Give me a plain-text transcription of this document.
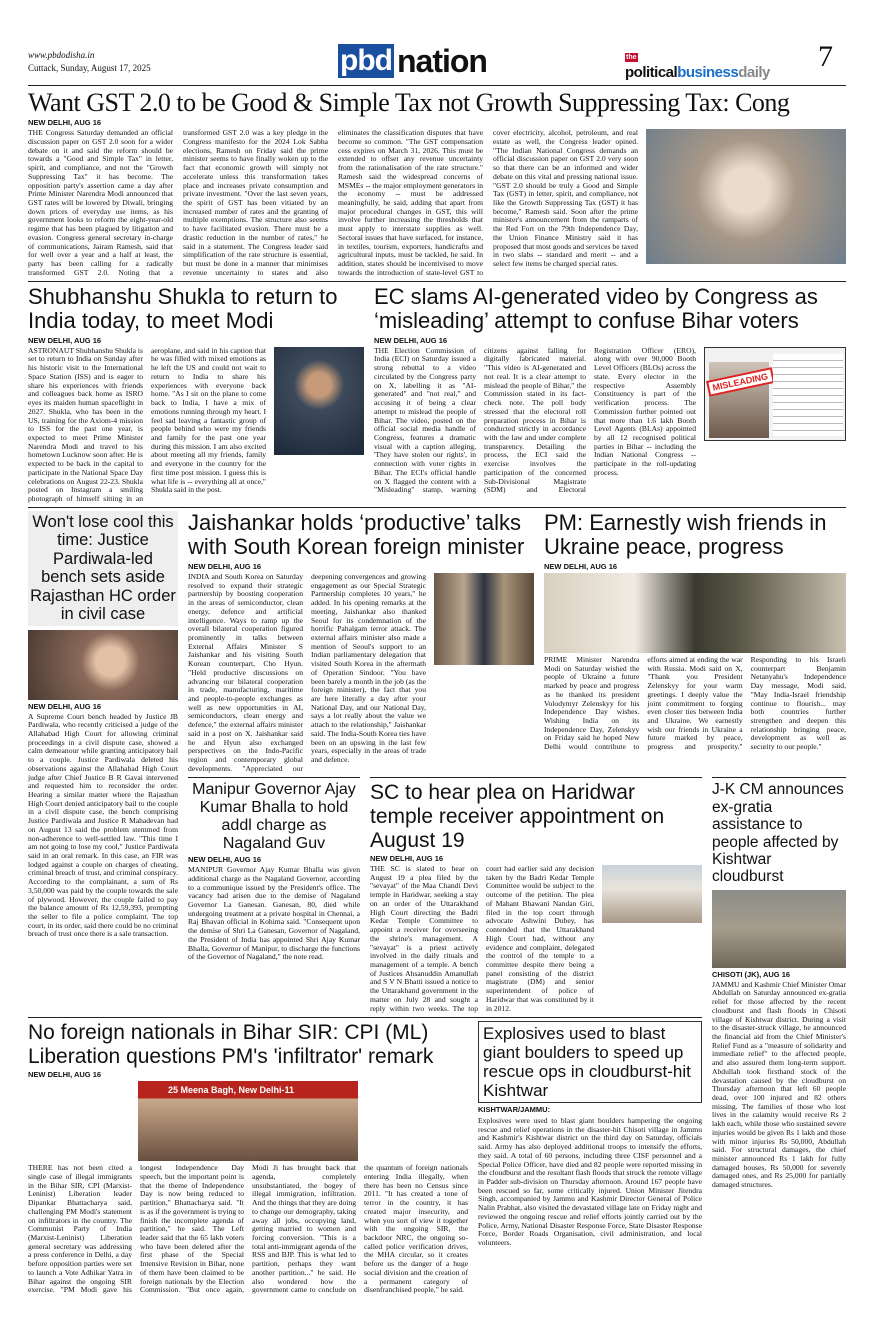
www.pbdodisha.in
Cuttack, Sunday, August 17, 2025	pbd nation	the
politicalbusinessdaily 7
Want GST 2.0 to be Good & Simple Tax not Growth Suppressing Tax: Cong
NEW DELHI, AUG 16
THE Congress Saturday demanded an official discussion paper on GST 2.0 soon for a wider debate on it and said the reform should be towards a "Good and Simple Tax" in letter, spirit, and compliance, and not the "Growth Suppressing Tax" it has become. The opposition party's assertion came a day after Prime Minister Narendra Modi announced that GST rates will be lowered by Diwali, bringing down prices of everyday use items, as his government looks to reform the eight-year-old regime that has been plagued by litigation and evasion. Congress general secretary in-charge of communications, Jairam Ramesh, said that for well over a year and a half at least, the party has been calling for a radically transformed GST 2.0. Noting that a transformed GST 2.0 was a key pledge in the Congress manifesto for the 2024 Lok Sabha elections, Ramesh on Friday said the prime minister seems to have finally woken up to the fact that economic growth will simply not accelerate unless this transformation takes place and increases private consumption and private investment. "Over the last seven years, the spirit of GST has been vitiated by an increased number of rates and the granting of multiple exemptions. The structure also seems to have facilitated evasion. There must be a drastic reduction in the number of rates," he said in a statement. The Congress leader said simplification of the rate structure is essential, but must be done in a manner that minimises revenue uncertainty to states and also eliminates the classification disputes that have become so common. "The GST compensation cess expires on March 31, 2026. This must be extended to offset any revenue uncertainty from the rationalisation of the rate structure." Ramesh said the widespread concerns of MSMEs -- the major employment generators in the economy -- must be addressed meaningfully, he said, adding that apart from major procedural changes in GST, this will involve further increasing the thresholds that must apply to interstate supplies as well. Sectoral issues that have surfaced, for instance, in textiles, tourism, exporters, handicrafts and agricultural inputs, must be tackled, he said. In addition, states should be incentivised to move towards the introduction of state-level GST to cover electricity, alcohol, petroleum, and real estate as well, the Congress leader opined. "The Indian National Congress demands an official discussion paper on GST 2.0 very soon so that there can be an informed and wider debate on this vital and pressing national issue. "GST 2.0 should be truly a Good and Simple Tax (GST) in letter, spirit, and compliance, not like the Growth Suppressing Tax (GST) it has become," Ramesh said. Soon after the prime minister's announcement from the ramparts of the Red Fort on the 79th Independence Day, the Union Finance Ministry said it has proposed that most goods and services be taxed in two slabs -- standard and merit -- and a select few items be charged special rates.
Shubhanshu Shukla to return to India today, to meet Modi
NEW DELHI, AUG 16
ASTRONAUT Shubhanshu Shukla is set to return to India on Sunday after his historic visit to the International Space Station (ISS) and is eager to share his experiences with friends and colleagues back home as ISRO eyes its maiden human spaceflight in 2027. Shukla, who has been in the US, training for the Axiom-4 mission to ISS for the past one year, is expected to meet Prime Minister Narendra Modi and travel to his hometown Lucknow soon after. He is expected to be back in the capital to participate in the National Space Day celebrations on August 22-23. Shukla posted on Instagram a smiling photograph of himself sitting in an aeroplane, and said in his caption that he was filled with mixed emotions as he left the US and could not wait to return to India to share his experiences with everyone back home. "As I sit on the plane to come back to India, I have a mix of emotions running through my heart. I feel sad leaving a fantastic group of people behind who were my friends and family for the past one year during this mission. I am also excited about meeting all my friends, family and everyone in the country for the first time post mission. I guess this is what life is -- everything all at once," Shukla said in the post.
EC slams AI-generated video by Congress as ‘misleading’ attempt to confuse Bihar voters
NEW DELHI, AUG 16
THE Election Commission of India (ECI) on Saturday issued a strong rebuttal to a video circulated by the Congress party on X, labelling it as "AI-generated" and "not real," and accusing it of being a clear attempt to mislead the people of Bihar. The video, posted on the official social media handle of Congress, features a dramatic visual with a caption alleging, 'They have stolen our rights', in connection with voter rights in Bihar. The ECI's official handle on X flagged the content with a "Misleading" stamp, warning citizens against falling for digitally fabricated material. "This video is AI-generated and not real. It is a clear attempt to mislead the people of Bihar," the Commission stated in its fact-check note. The poll body stressed that the electoral roll preparation process in Bihar is conducted strictly in accordance with the law and under complete transparency. Detailing the process, the ECI said the exercise involves the participation of the concerned Sub-Divisional Magistrate (SDM) and Electoral Registration Officer (ERO), along with over 90,000 Booth Level Officers (BLOs) across the state. Every elector in the respective Assembly Constituency is part of the verification process. The Commission further pointed out that more than 1.6 lakh Booth Level Agents (BLAs) appointed by all 12 recognised political parties in Bihar -- including the Indian National Congress -- participate in the roll-updating process.
MISLEADING
Won't lose cool this time: Justice Pardiwala-led bench sets aside Rajasthan HC order in civil case
NEW DELHI, AUG 16
A Supreme Court bench headed by Justice JB Pardiwala, who recently criticised a judge of the Allahabad High Court for allowing criminal proceedings in a civil dispute case, showed a calm demeanour while granting anticipatory bail to a couple. Justice Pardiwala deleted his observations against the Allahabad High Court judge after Chief Justice B R Gavai intervened and requested him to reconsider the order. Hearing a similar matter where the Rajasthan High Court denied anticipatory bail to the couple in a civil dispute case, the bench comprising Justice Pardiwala and Justice R Mahadevan had on August 13 said the problem stemmed from non-adherence to well-settled law. "This time I am not going to lose my cool," Justice Pardiwala said in an oral remark. In this case, an FIR was lodged against a couple on charges of cheating, criminal breach of trust, and criminal conspiracy. According to the complainant, a sum of Rs 3,50,000 was paid by the couple towards the sale of plywood. However, the couple failed to pay the balance amount of Rs 12,59,393, prompting the seller to file a police complaint. The top court, in its order, said there could be no criminal breach of trust once there is a sale transaction.
Jaishankar holds ‘productive’ talks with South Korean foreign minister
NEW DELHI, AUG 16
INDIA and South Korea on Saturday resolved to expand their strategic partnership by boosting cooperation in the areas of semiconductor, clean energy, defence and artificial intelligence. Ways to ramp up the overall bilateral cooperation figured prominently in talks between External Affairs Minister S Jaishankar and his visiting South Korean counterpart, Cho Hyun. "Held productive discussions on advancing our bilateral cooperation in trade, manufacturing, maritime and people-to-people exchanges as well as new opportunities in AI, semiconductors, clean energy and defence," the external affairs minister said in a post on X. Jaishankar said he and Hyun also exchanged perspectives on the Indo-Pacific region and contemporary global developments. "Appreciated our deepening convergences and growing engagement as our Special Strategic Partnership completes 10 years," he added. In his opening remarks at the meeting, Jaishankar also thanked Seoul for its condemnation of the horrific Pahalgam terror attack. The external affairs minister also made a mention of Seoul's support to an Indian parliamentary delegation that visited South Korea in the aftermath of Operation Sindoor. "You have been barely a month in the job (as the foreign minister), the fact that you are here literally a day after your National Day, and our National Day, says a lot really about the value we attach to the relationship," Jaishankar said. The India-South Korea ties have been on an upswing in the last few years, especially in the areas of trade and defence.
PM: Earnestly wish friends in Ukraine peace, progress
NEW DELHI, AUG 16
PRIME Minister Narendra Modi on Saturday wished the people of Ukraine a future marked by peace and progress as he thanked its president Volodymyr Zelenskyy for his Independence Day wishes. Wishing India on its Independence Day, Zelenskyy on Friday said he hoped New Delhi would contribute to efforts aimed at ending the war with Russia. Modi said on X, "Thank you President Zelenskyy for your warm greetings. I deeply value the joint commitment to forging even closer ties between India and Ukraine. We earnestly wish our friends in Ukraine a future marked by peace, progress and prosperity." Responding to his Israeli counterpart Benjamin Netanyahu's Independence Day message, Modi said, "May India-Israel friendship continue to flourish... may both countries further strengthen and deepen this relationship bringing peace, development as well as security to our people."
Manipur Governor Ajay Kumar Bhalla to hold addl charge as Nagaland Guv
NEW DELHI, AUG 16
MANIPUR Governor Ajay Kumar Bhalla was given additional charge as the Nagaland Governor, according to a communique issued by the President's office. The vacancy had arisen due to the demise of Nagaland Governor La Ganesan. Ganesan, 80, died while undergoing treatment at a private hospital in Chennai, a Raj Bhavan official in Kohima said. "Consequent upon the demise of Shri La Ganesan, Governor of Nagaland, the President of India has appointed Shri Ajay Kumar Bhalla, Governor of Manipur, to discharge the functions of the Governor of Nagaland," the note read.
SC to hear plea on Haridwar temple receiver appointment on August 19
NEW DELHI, AUG 16
THE SC is slated to hear on August 19 a plea filed by the "sevayat" of the Maa Chandi Devi temple in Haridwar, seeking a stay on an order of the Uttarakhand High Court directing the Badri Kedar Temple Committee to appoint a receiver for overseeing the shrine's management. A "sevayat" is a priest actively involved in the daily rituals and management of a temple. A bench of Justices Ahsanuddin Amanullah and S V N Bhatti issued a notice to the Uttarakhand government in the matter on July 28 and sought a reply within two weeks. The top court had earlier said any decision taken by the Badri Kedar Temple Committee would be subject to the outcome of the petition. The plea of Mahant Bhawani Nandan Giri, filed in the top court through advocate Ashwini Dubey, has contended that the Uttarakhand High Court had, without any evidence and complaint, delegated the control of the temple to a committee despite there being a panel consisting of the district magistrate (DM) and senior superintendent of police of Haridwar that was constituted by it in 2012.
J-K CM announces ex-gratia assistance to people affected by Kishtwar cloudburst
CHISOTI (JK), AUG 16
JAMMU and Kashmir Chief Minister Omar Abdullah on Saturday announced ex-gratia relief for those affected by the recent cloudburst and flash floods in Chisoti village of Kishtwar district. During a visit to the disaster-struck village, he announced the financial aid from the Chief Minister's Relief Fund as a "measure of solidarity and immediate relief" to the affected people, and also assured them long-term support. Abdullah took firsthand stock of the devastation caused by the cloudburst on Thursday afternoon that left 60 people dead, over 100 injured and 82 others missing. The families of those who lost lives in the calamity would receive Rs 2 lakh each, while those who sustained severe injuries would be given Rs 1 lakh and those with minor injuries Rs 50,000, Abdullah said. For structural damages, the chief minister announced Rs 1 lakh for fully damaged houses, Rs 50,000 for severely damaged ones, and Rs 25,000 for partially damaged structures.
No foreign nationals in Bihar SIR: CPI (ML) Liberation questions PM's 'infiltrator' remark
NEW DELHI, AUG 16
25 Meena Bagh, New Delhi-11
THERE has not been cited a single case of illegal immigrants in the Bihar SIR, CPI (Marxist-Leninist) Liberation leader Dipankar Bhattacharya said, challenging PM Modi's statement on infiltrators in the country. The Communist Party of India (Marxist-Leninist) Liberation general secretary was addressing a press conference in Delhi, a day before opposition parties were set to launch a Vote Adhikar Yatra in Bihar against the ongoing SIR exercise. "PM Modi gave his longest Independence Day speech, but the important point is that the theme of Independence Day is now being reduced to partition," Bhattacharya said. "It is as if the government is trying to finish the incomplete agenda of partition," he said. The Left leader said that the 65 lakh voters who have been deleted after the first phase of the Special Intensive Revision in Bihar, none of them have been claimed to be foreign nationals by the Election Commission. "But once again, Modi Ji has brought back that agenda, completely unsubstantiated, the bogey of illegal immigration, infiltration. And the things that they are doing to change our demography, taking away all jobs, occupying land, getting married to women and forcing conversion. "This is a total anti-immigrant agenda of the RSS and BJP. This is what led to partition, perhaps they want another partition..." he said. He also wondered how the government came to conclude on the quantum of foreign nationals entering India illegally, when there has been no Census since 2011. "It has created a tone of terror in the country, it has created major insecurity, and when you sort of view it together with the ongoing SIR, the backdoor NRC, the ongoing so-called police verification drives, the MHA circular, so it creates before us the danger of a huge social division and the creation of a permanent category of disenfranchised people," he said.
Explosives used to blast giant boulders to speed up rescue ops in cloudburst-hit Kishtwar
KISHTWAR/JAMMU:
Explosives were used to blast giant boulders hampering the ongoing rescue and relief operations in the disaster-hit Chisoti village in Jammu and Kashmir's Kishtwar district on the third day on Saturday, officials said. Army has also deployed additional troops to intensify the efforts, they said. A total of 60 persons, including three CISF personnel and a Special Police Officer, have died and 82 people were reported missing in the cloudburst and the resultant flash floods that struck the remote village in Padder sub-division on Thursday afternoon. Around 167 people have been rescued so far, some critically injured. Union Minister Jitendra Singh, accompanied by Jammu and Kashmir Director General of Police Nalin Prabhat, also visited the devastated village late on Friday night and reviewed the ongoing rescue and relief efforts jointly carried out by the Police, Army, National Disaster Response Force, State Disaster Response Force, Border Roads Organisation, civil administration, and local volunteers.
